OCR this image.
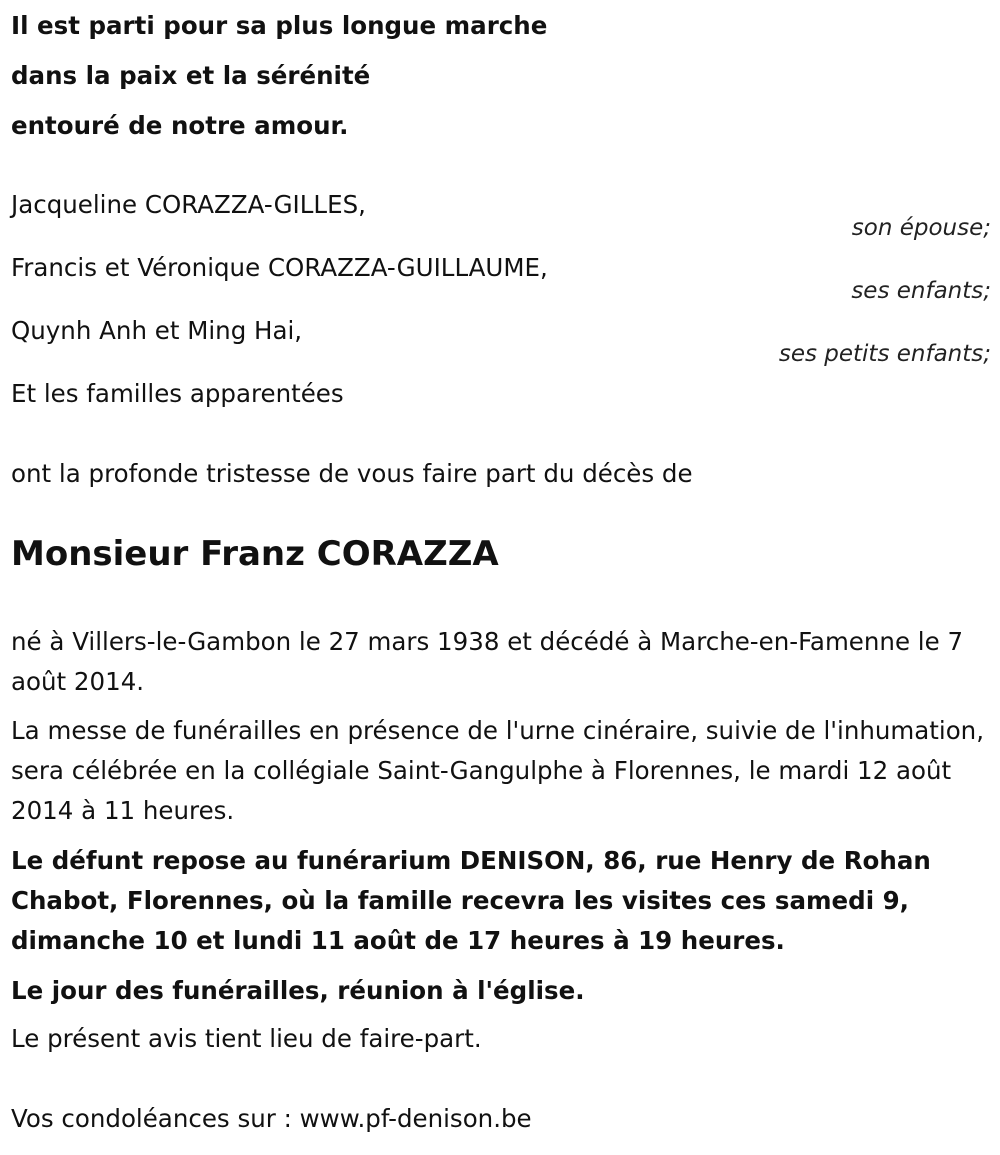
Il est parti pour sa plus longue marche
dans la paix et la sérénité
entouré de notre amour.
Jacqueline CORAZZA-GILLES,
son épouse;
Francis et Véronique CORAZZA-GUILLAUME,
ses enfants;
Quynh Anh et Ming Hai,
ses petits enfants;
Et les familles apparentées
ont la profonde tristesse de vous faire part du décès de
Monsieur Franz CORAZZA
né à Villers-le-Gambon le 27 mars 1938 et décédé à Marche-en-Famenne le 7 août 2014.
La messe de funérailles en présence de l'urne cinéraire, suivie de l'inhumation, sera célébrée en la collégiale Saint-Gangulphe à Florennes, le mardi 12 août 2014 à 11 heures.
Le défunt repose au funérarium DENISON, 86, rue Henry de Rohan Chabot, Florennes, où la famille recevra les visites ces samedi 9, dimanche 10 et lundi 11 août de 17 heures à 19 heures.
Le jour des funérailles, réunion à l'église.
Le présent avis tient lieu de faire-part.
Vos condoléances sur : www.pf-denison.be
